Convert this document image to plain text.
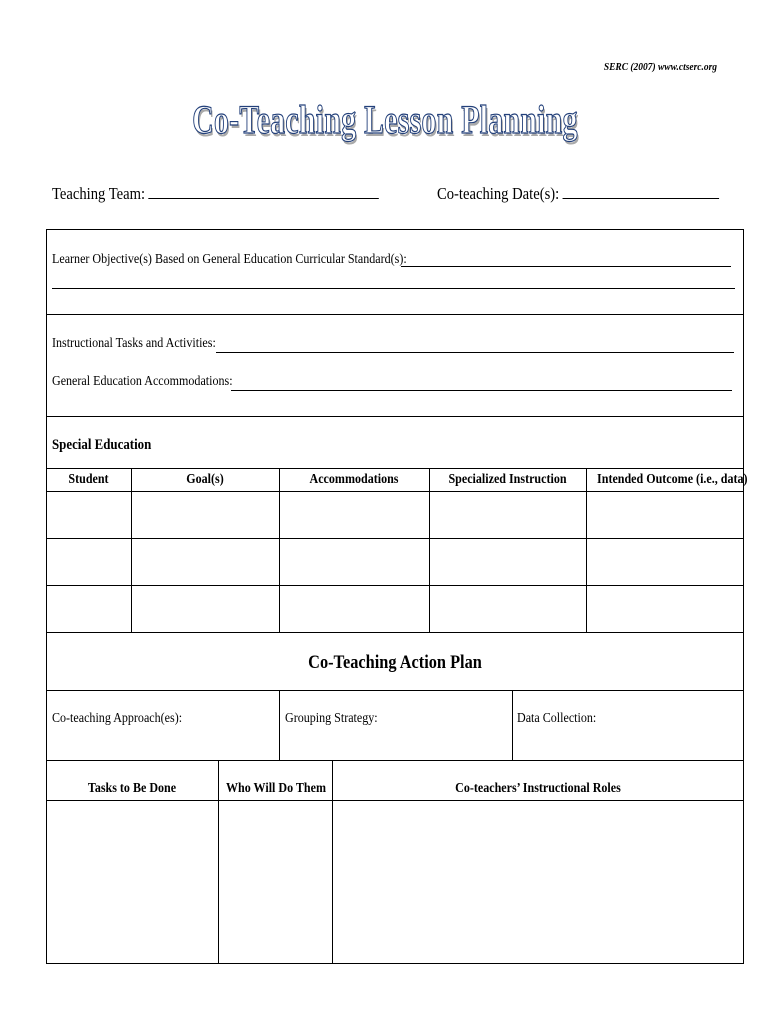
SERC (2007) www.ctserc.org
Co-Teaching Lesson Planning
Teaching Team:	Co-teaching Date(s):
Learner Objective(s) Based on General Education Curricular Standard(s):
Instructional Tasks and Activities:
General Education Accommodations:
Special Education
Student	Goal(s)	Accommodations	Specialized Instruction	Intended Outcome (i.e., data)
Co-Teaching Action Plan
Co-teaching Approach(es):	Grouping Strategy:	Data Collection:
Tasks to Be Done	Who Will Do Them	Co-teachers’ Instructional Roles
